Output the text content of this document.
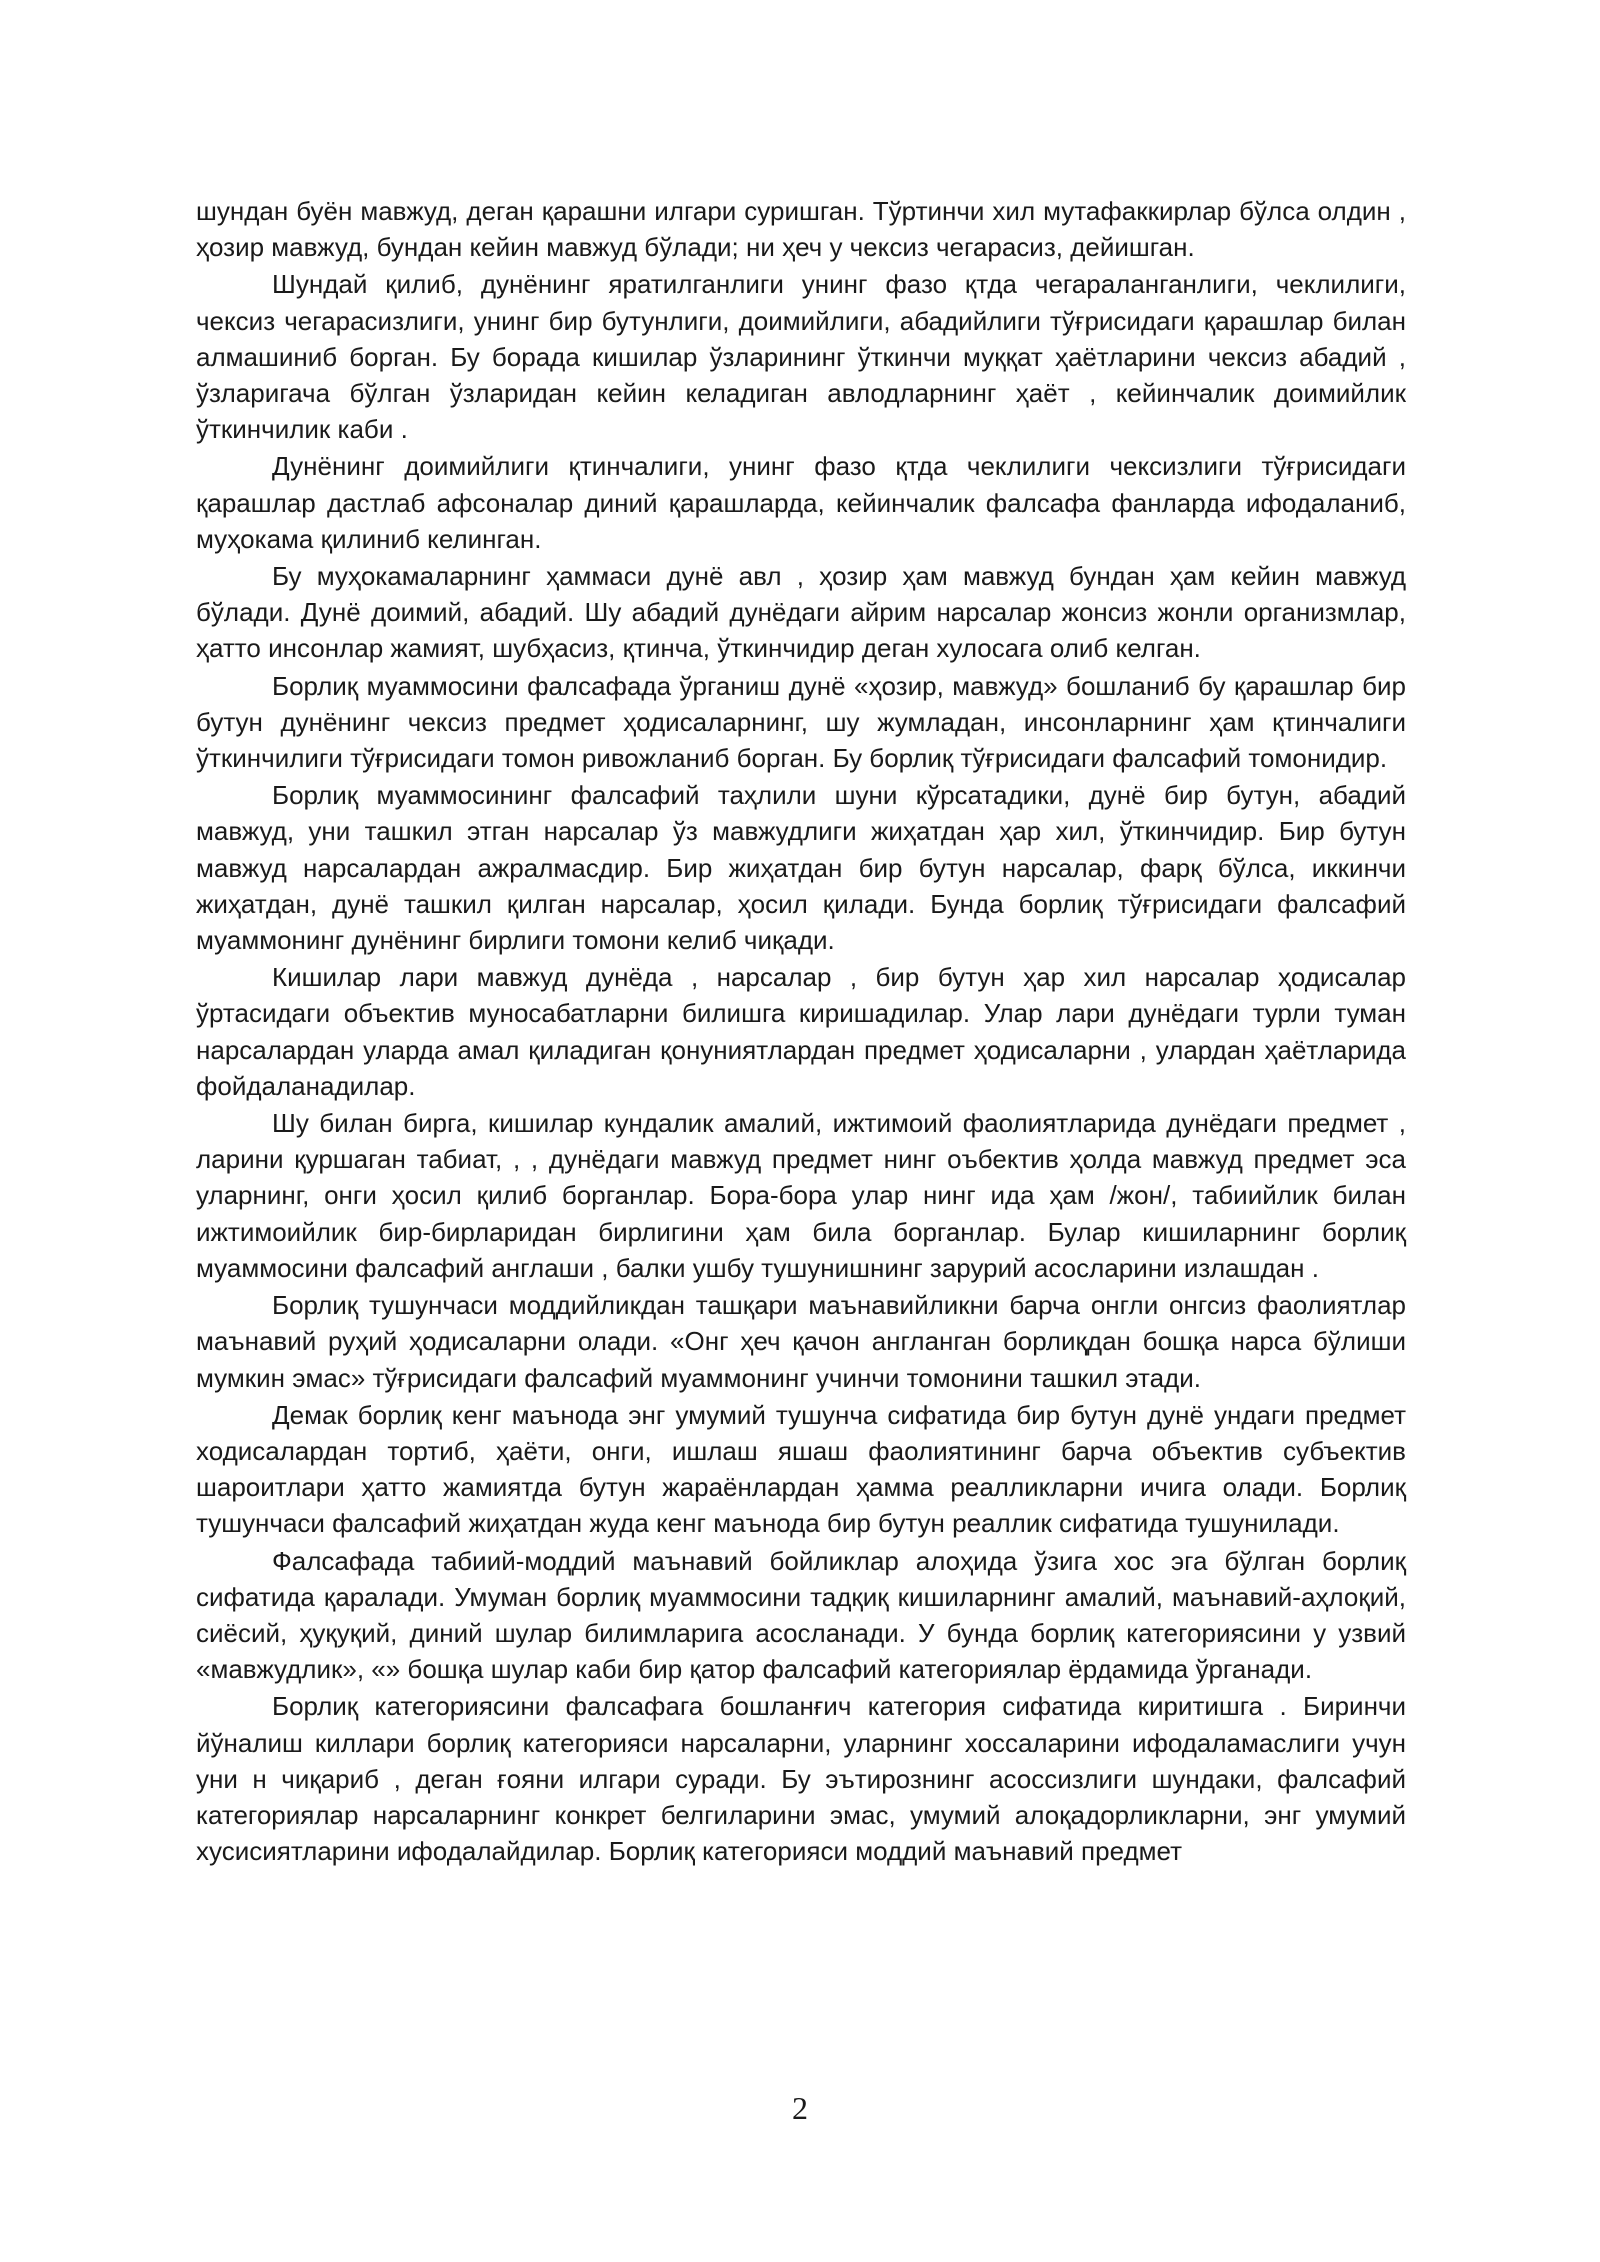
шундан буён мавжуд, деган қарашни илгари суришган. Тўртинчи хил мутафаккирлар бўлса олдин , ҳозир мавжуд, бундан кейин мавжуд бўлади; ни ҳеч у чексиз чегарасиз, дейишган.

Шундай қилиб, дунёнинг яратилганлиги унинг фазо қтда чегараланганлиги, чеклилиги, чексиз чегарасизлиги, унинг бир бутунлиги, доимийлиги, абадийлиги тўғрисидаги қарашлар билан алмашиниб борган. Бу борада кишилар ўзларининг ўткинчи муққат ҳаётларини чексиз абадий , ўзларигача бўлган ўзларидан кейин келадиган авлодларнинг ҳаёт , кейинчалик доимийлик ўткинчилик каби .

Дунёнинг доимийлиги қтинчалиги, унинг фазо қтда чеклилиги чексизлиги тўғрисидаги қарашлар дастлаб афсоналар диний қарашларда, кейинчалик фалсафа фанларда ифодаланиб, муҳокама қилиниб келинган.

Бу муҳокамаларнинг ҳаммаси дунё авл , ҳозир ҳам мавжуд бундан ҳам кейин мавжуд бўлади. Дунё доимий, абадий. Шу абадий дунёдаги айрим нарсалар жонсиз жонли организмлар, ҳатто инсонлар жамият, шубҳасиз, қтинча, ўткинчидир деган хулосага олиб келган.

Борлиқ муаммосини фалсафада ўрганиш дунё «ҳозир, мавжуд» бошланиб бу қарашлар бир бутун дунёнинг чексиз предмет ҳодисаларнинг, шу жумладан, инсонларнинг ҳам қтинчалиги ўткинчилиги тўғрисидаги томон ривожланиб борган. Бу борлиқ тўғрисидаги фалсафий томонидир.

Борлиқ муаммосининг фалсафий таҳлили шуни кўрсатадики, дунё бир бутун, абадий мавжуд, уни ташкил этган нарсалар ўз мавжудлиги жиҳатдан ҳар хил, ўткинчидир. Бир бутун мавжуд нарсалардан ажралмасдир. Бир жиҳатдан бир бутун нарсалар, фарқ бўлса, иккинчи жиҳатдан, дунё ташкил қилган нарсалар, ҳосил қилади. Бунда борлиқ тўғрисидаги фалсафий муаммонинг дунёнинг бирлиги томони келиб чиқади.

Кишилар лари мавжуд дунёда , нарсалар , бир бутун ҳар хил нарсалар ҳодисалар ўртасидаги объектив муносабатларни билишга киришадилар. Улар лари дунёдаги турли туман нарсалардан уларда амал қиладиган қонуниятлардан предмет ҳодисаларни , улардан ҳаётларида фойдаланадилар.

Шу билан бирга, кишилар кундалик амалий, ижтимоий фаолиятларида дунёдаги предмет , ларини қуршаган табиат, , , дунёдаги мавжуд предмет нинг оъбектив ҳолда мавжуд предмет эса уларнинг, онги ҳосил қилиб борганлар. Бора-бора улар нинг ида ҳам /жон/, табиийлик билан ижтимоийлик бир-бирларидан бирлигини ҳам била борганлар. Булар кишиларнинг борлиқ муаммосини фалсафий англаши , балки ушбу тушунишнинг зарурий асосларини излашдан .

Борлиқ тушунчаси моддийликдан ташқари маънавийликни барча онгли онгсиз фаолиятлар маънавий руҳий ҳодисаларни олади. «Онг ҳеч қачон англанган борлиқдан бошқа нарса бўлиши мумкин эмас» тўғрисидаги фалсафий муаммонинг учинчи томонини ташкил этади.

Демак борлиқ кенг маънода энг умумий тушунча сифатида бир бутун дунё ундаги предмет ходисалардан тортиб, ҳаёти, онги, ишлаш яшаш фаолиятининг барча объектив субъектив шароитлари ҳатто жамиятда бутун жараёнлардан ҳамма реалликларни ичига олади. Борлиқ тушунчаси фалсафий жиҳатдан жуда кенг маънода бир бутун реаллик сифатида тушунилади.

Фалсафада табиий-моддий маънавий бойликлар алоҳида ўзига хос эга бўлган борлиқ сифатида қаралади. Умуман борлиқ муаммосини тадқиқ кишиларнинг амалий, маънавий-аҳлоқий, сиёсий, ҳуқуқий, диний шулар билимларига асосланади. У бунда борлиқ категориясини у узвий «мавжудлик», «» бошқа шулар каби бир қатор фалсафий категориялар ёрдамида ўрганади.

Борлиқ категориясини фалсафага бошланғич категория сифатида киритишга . Биринчи йўналиш киллари борлиқ категорияси нарсаларни, уларнинг хоссаларини ифодаламаслиги учун уни н чиқариб , деган ғояни илгари суради. Бу эътирознинг асоссизлиги шундаки, фалсафий категориялар нарсаларнинг конкрет белгиларини эмас, умумий алоқадорликларни, энг умумий хусисиятларини ифодалайдилар. Борлиқ категорияси моддий маънавий предмет

2
